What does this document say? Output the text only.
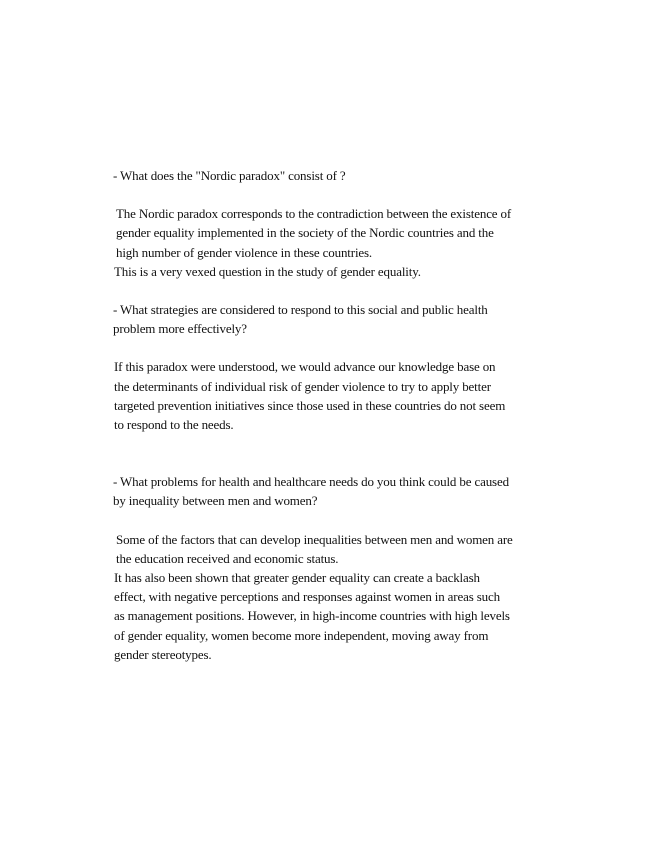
- What does the "Nordic paradox" consist of ?

The Nordic paradox corresponds to the contradiction between the existence of gender equality implemented in the society of the Nordic countries and the high number of gender violence in these countries.

This is a very vexed question in the study of gender equality.

- What strategies are considered to respond to this social and public health problem more effectively?

If this paradox were understood, we would advance our knowledge base on the determinants of individual risk of gender violence to try to apply better targeted prevention initiatives since those used in these countries do not seem to respond to the needs.

- What problems for health and healthcare needs do you think could be caused by inequality between men and women?

Some of the factors that can develop inequalities between men and women are the education received and economic status.

It has also been shown that greater gender equality can create a backlash effect, with negative perceptions and responses against women in areas such as management positions. However, in high-income countries with high levels of gender equality, women become more independent, moving away from gender stereotypes.
